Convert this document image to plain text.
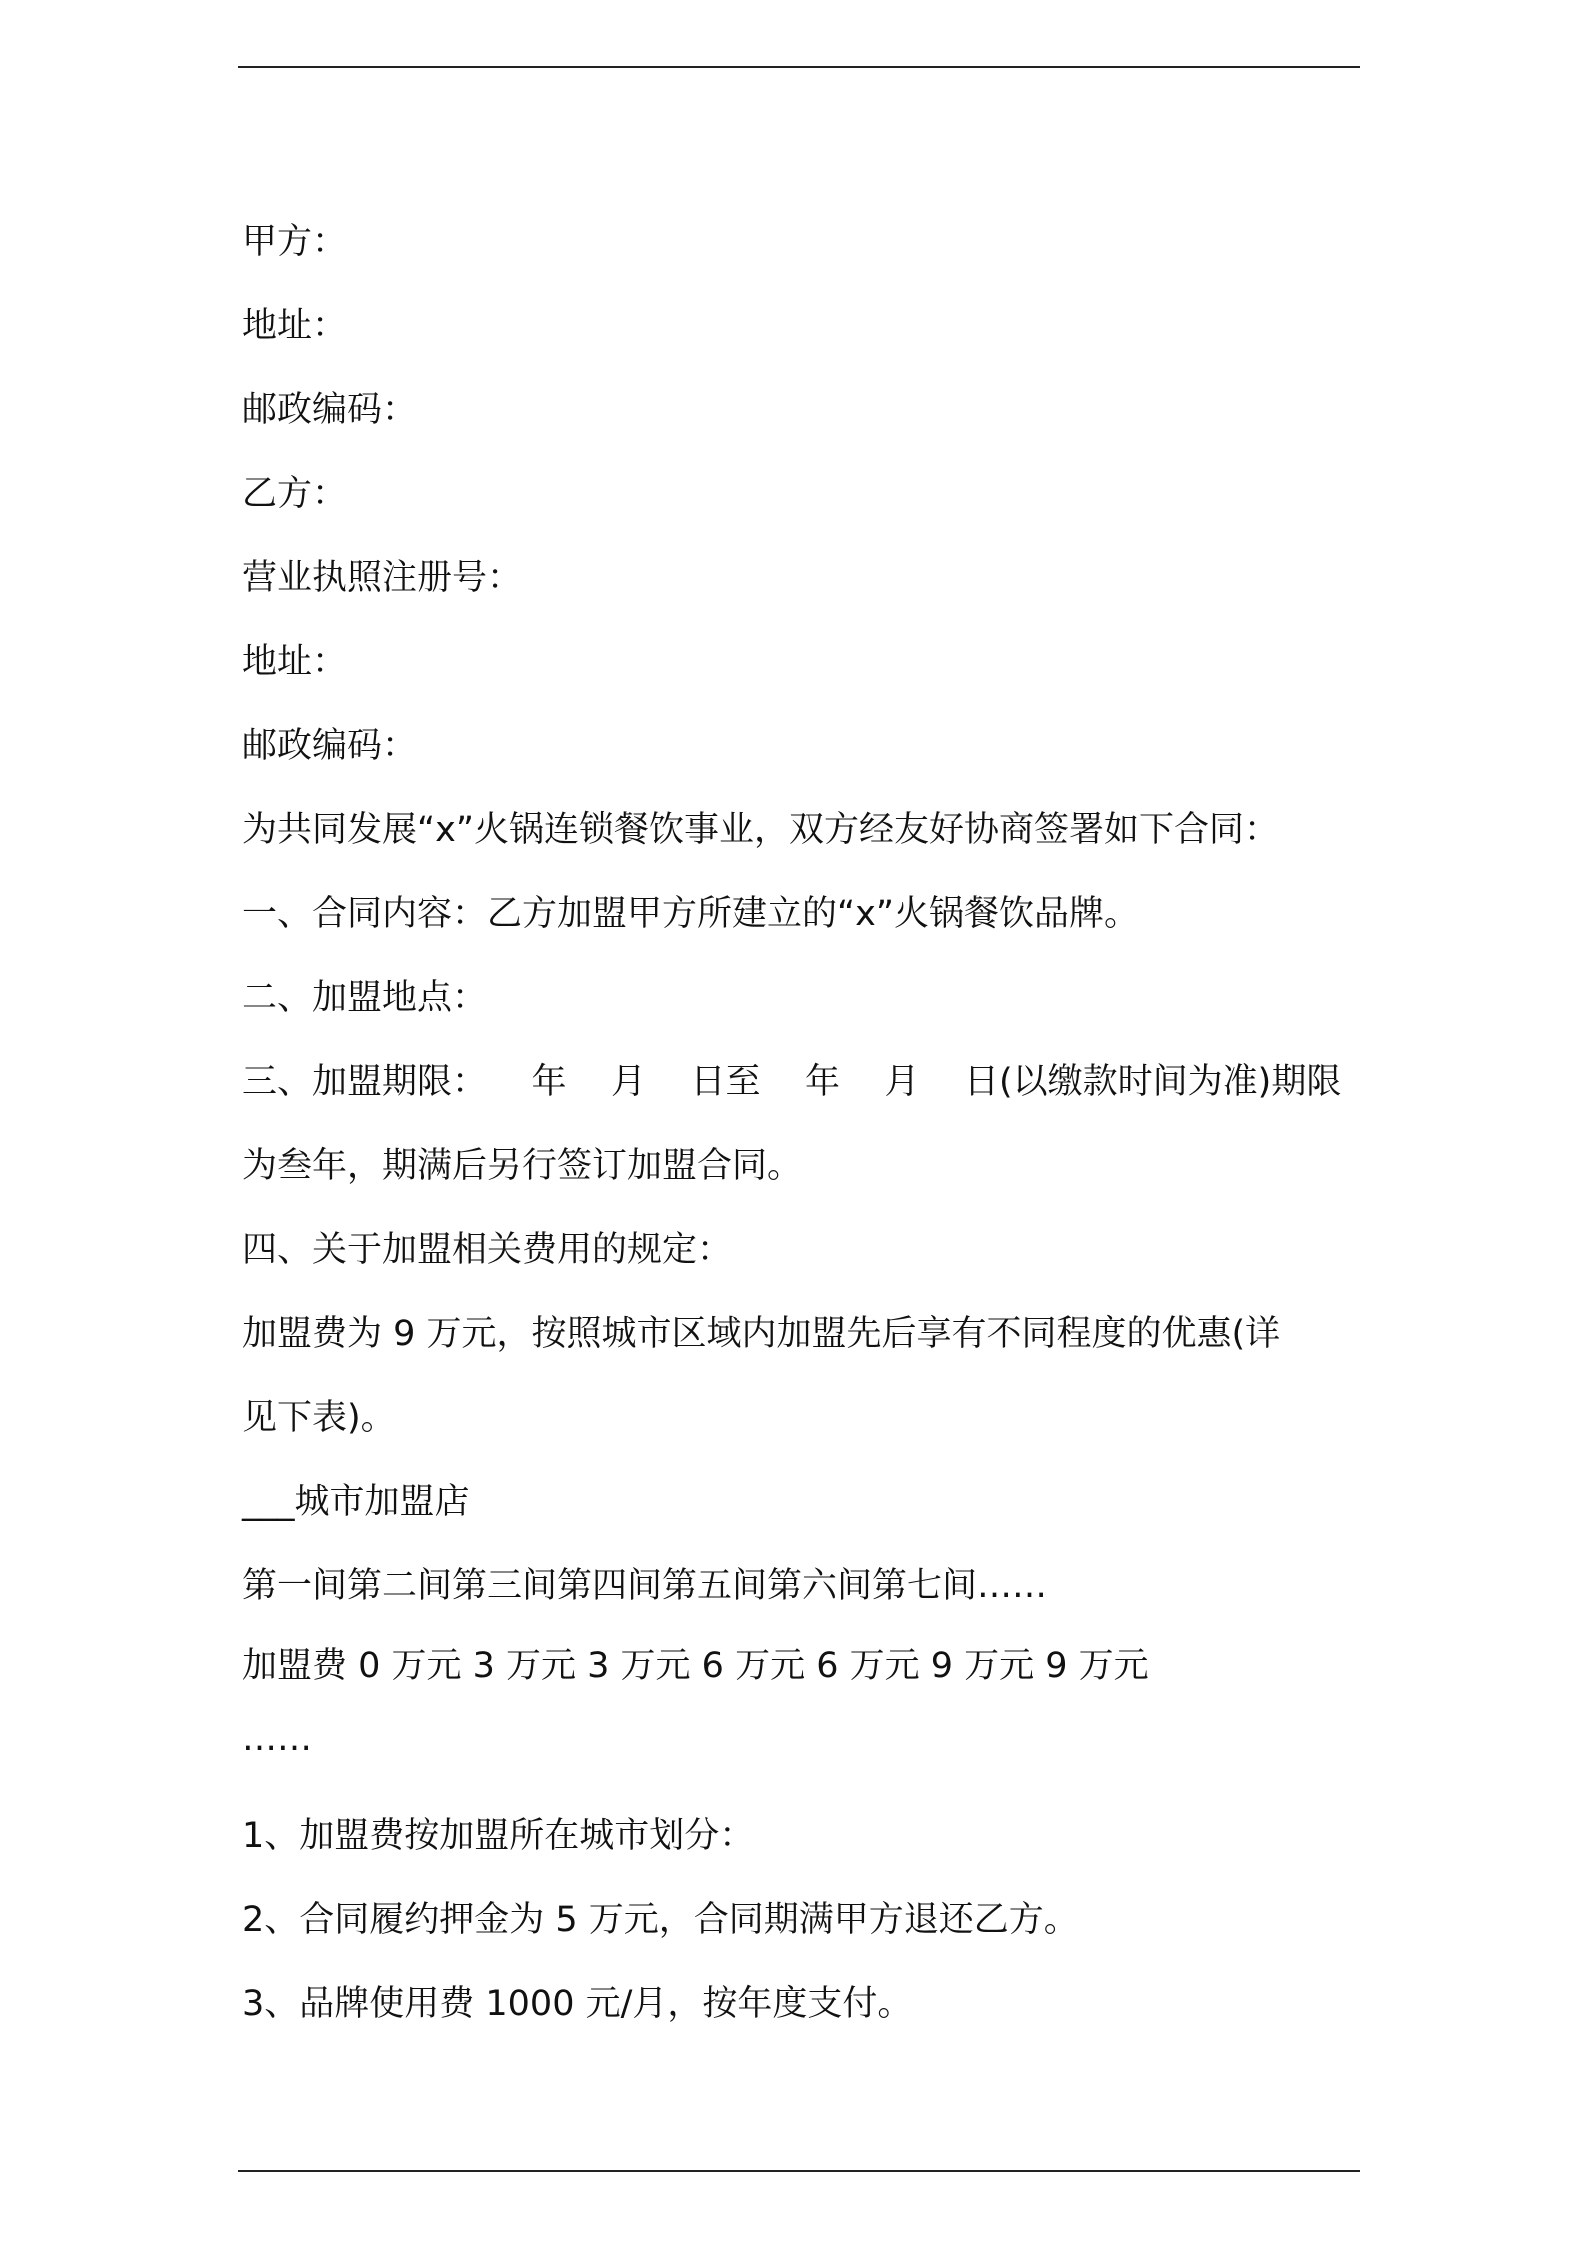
甲方：
地址：
邮政编码：
乙方：
营业执照注册号：
地址：
邮政编码：
为共同发展“x”火锅连锁餐饮事业，双方经友好协商签署如下合同：
一、合同内容：乙方加盟甲方所建立的“x”火锅餐饮品牌。
二、加盟地点：
三、加盟期限：    年    月    日至    年    月    日(以缴款时间为准)期限
为叁年，期满后另行签订加盟合同。
四、关于加盟相关费用的规定：
加盟费为 9 万元，按照城市区域内加盟先后享有不同程度的优惠(详
见下表)。
___城市加盟店
第一间第二间第三间第四间第五间第六间第七间……
加盟费 0 万元 3 万元 3 万元 6 万元 6 万元 9 万元 9 万元
……
1、加盟费按加盟所在城市划分：
2、合同履约押金为 5 万元，合同期满甲方退还乙方。
3、品牌使用费 1000 元/月，按年度支付。
